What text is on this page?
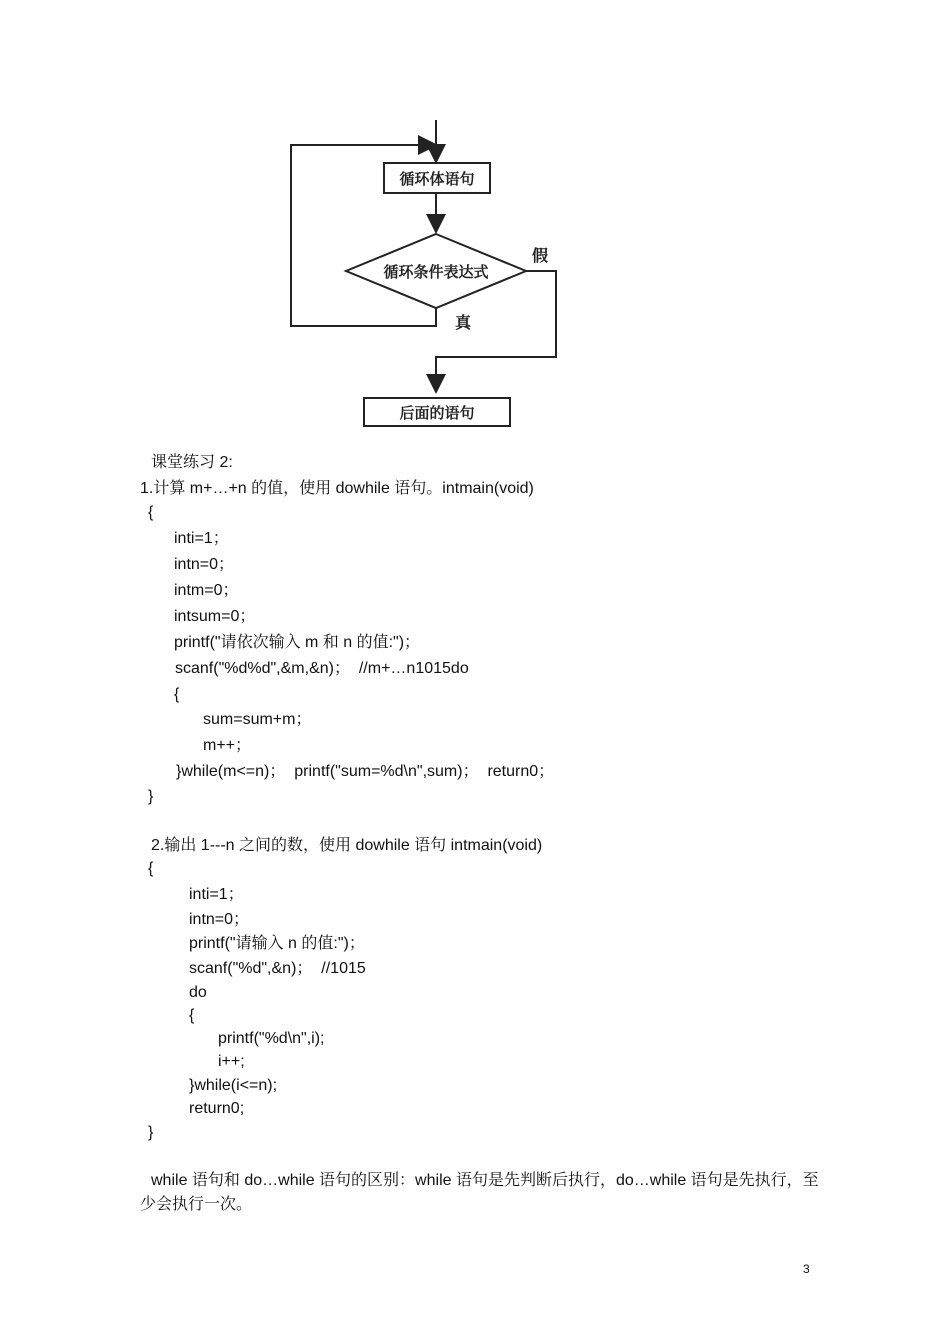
循环体语句
循环条件表达式
真
假
后面的语句
课堂练习 2:
1.计算 m+…+n 的值，使用 dowhile 语句。intmain(void)
{
inti=1；
intn=0；
intm=0；
intsum=0；
printf("请依次输入 m 和 n 的值:")；
scanf("%d%d",&m,&n)；  //m+…n1015do
{
sum=sum+m；
m++；
}while(m<=n)；  printf("sum=%d\n",sum)；  return0；
}
2.输出 1---n 之间的数，使用 dowhile 语句 intmain(void)
{
inti=1；
intn=0；
printf("请输入 n 的值:")；
scanf("%d",&n)；  //1015
do
{
printf("%d\n",i);
i++;
}while(i<=n);
return0;
}
while 语句和 do…while 语句的区别：while 语句是先判断后执行，do…while 语句是先执行，至少会执行一次。
3
